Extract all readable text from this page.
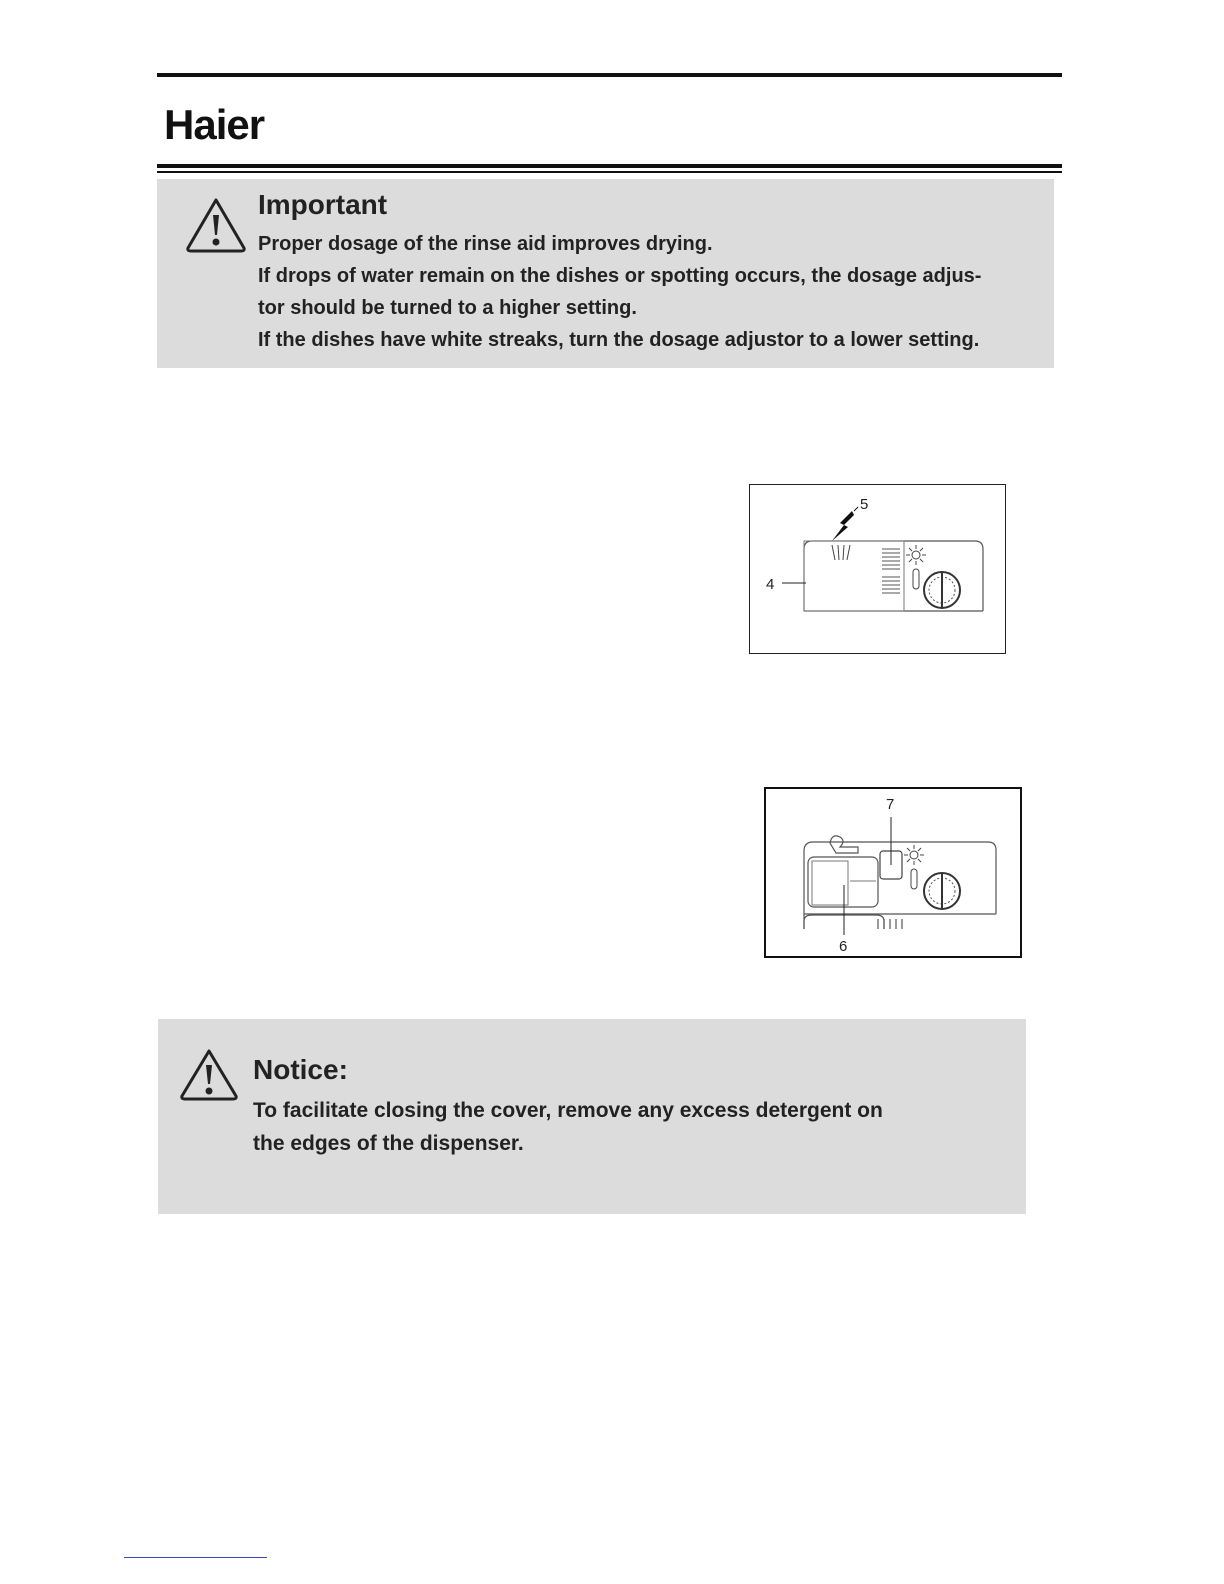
Haier
Important
Proper dosage of the rinse aid improves drying.
If drops of water remain on the dishes or spotting occurs, the dosage adjus-
tor should be turned to a higher setting.
If the dishes have white streaks, turn the dosage adjustor to a lower setting.
5
4
7
6
Notice:
To facilitate closing the cover, remove any excess detergent on
the edges of the dispenser.
